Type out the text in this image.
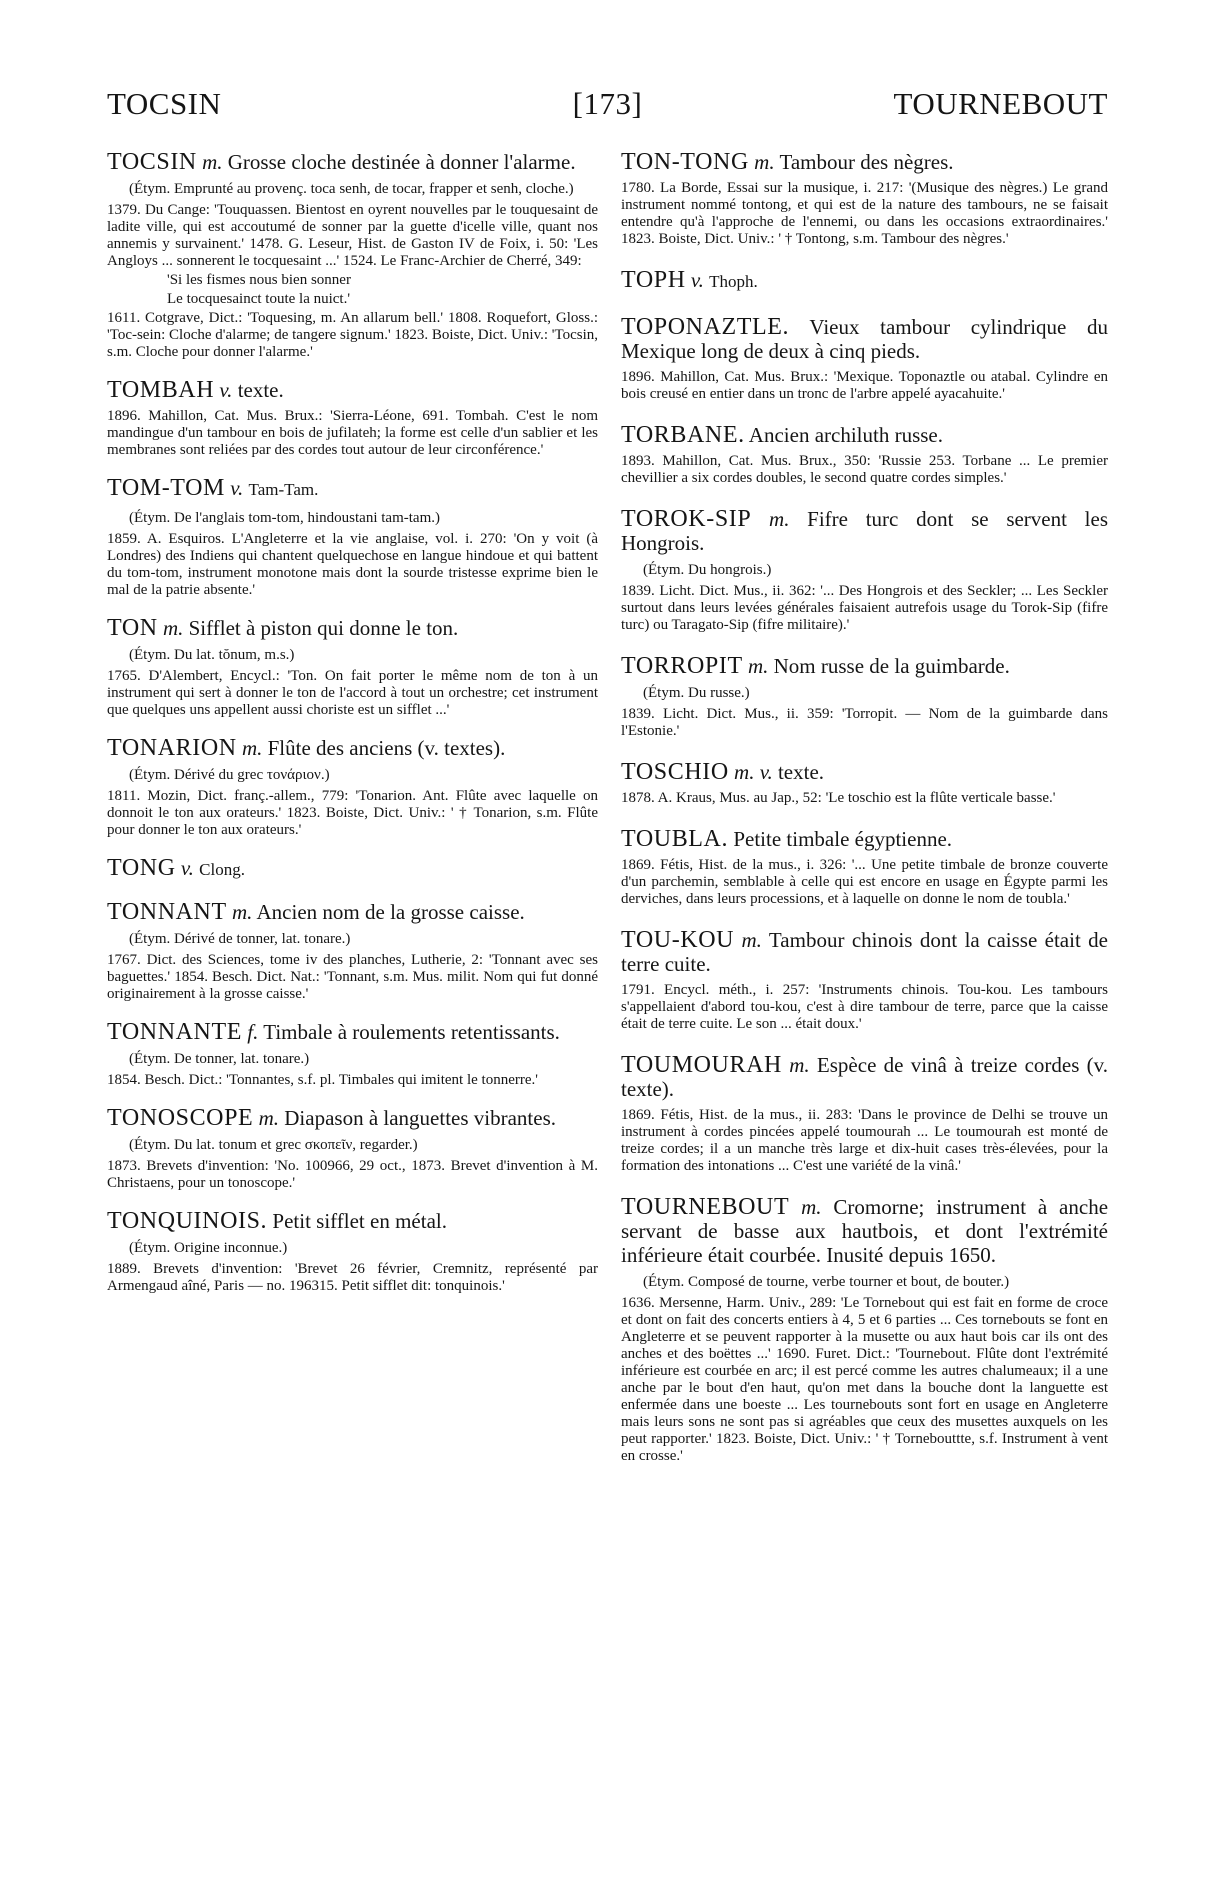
TOCSIN	[173]	TOURNEBOUT

TOCSIN m. Grosse cloche destinée à donner l'alarme.

(Étym. Emprunté au provenç. toca senh, de tocar, frapper et senh, cloche.)

1379. Du Cange: 'Touquassen. Bientost en oyrent nouvelles par le touquesaint de ladite ville, qui est accoutumé de sonner par la guette d'icelle ville, quant nos annemis y survainent.' 1478. G. Leseur, Hist. de Gaston IV de Foix, i. 50: 'Les Angloys ... sonnerent le tocquesaint ...' 1524. Le Franc-Archier de Cherré, 349:

'Si les fismes nous bien sonner

Le tocquesainct toute la nuict.'

1611. Cotgrave, Dict.: 'Toquesing, m. An allarum bell.' 1808. Roquefort, Gloss.: 'Toc-sein: Cloche d'alarme; de tangere signum.' 1823. Boiste, Dict. Univ.: 'Tocsin, s.m. Cloche pour donner l'alarme.'

TOMBAH v. texte.

1896. Mahillon, Cat. Mus. Brux.: 'Sierra-Léone, 691. Tombah. C'est le nom mandingue d'un tambour en bois de jufilateh; la forme est celle d'un sablier et les membranes sont reliées par des cordes tout autour de leur circonférence.'

TOM-TOM v. Tam-Tam.

(Étym. De l'anglais tom-tom, hindoustani tam-tam.)

1859. A. Esquiros. L'Angleterre et la vie anglaise, vol. i. 270: 'On y voit (à Londres) des Indiens qui chantent quelquechose en langue hindoue et qui battent du tom-tom, instrument monotone mais dont la sourde tristesse exprime bien le mal de la patrie absente.'

TON m. Sifflet à piston qui donne le ton.

(Étym. Du lat. tŏnum, m.s.)

1765. D'Alembert, Encycl.: 'Ton. On fait porter le même nom de ton à un instrument qui sert à donner le ton de l'accord à tout un orchestre; cet instrument que quelques uns appellent aussi choriste est un sifflet ...'

TONARION m. Flûte des anciens (v. textes).

(Étym. Dérivé du grec τονάριον.)

1811. Mozin, Dict. franç.-allem., 779: 'Tonarion. Ant. Flûte avec laquelle on donnoit le ton aux orateurs.' 1823. Boiste, Dict. Univ.: ' † Tonarion, s.m. Flûte pour donner le ton aux orateurs.'

TONG v. Clong.

TONNANT m. Ancien nom de la grosse caisse.

(Étym. Dérivé de tonner, lat. tonare.)

1767. Dict. des Sciences, tome iv des planches, Lutherie, 2: 'Tonnant avec ses baguettes.' 1854. Besch. Dict. Nat.: 'Tonnant, s.m. Mus. milit. Nom qui fut donné originairement à la grosse caisse.'

TONNANTE f. Timbale à roulements retentissants.

(Étym. De tonner, lat. tonare.)

1854. Besch. Dict.: 'Tonnantes, s.f. pl. Timbales qui imitent le tonnerre.'

TONOSCOPE m. Diapason à languettes vibrantes.

(Étym. Du lat. tonum et grec σκοπεῖν, regarder.)

1873. Brevets d'invention: 'No. 100966, 29 oct., 1873. Brevet d'invention à M. Christaens, pour un tonoscope.'

TONQUINOIS. Petit sifflet en métal.

(Étym. Origine inconnue.)

1889. Brevets d'invention: 'Brevet 26 février, Cremnitz, représenté par Armengaud aîné, Paris — no. 196315. Petit sifflet dit: tonquinois.'

TON-TONG m. Tambour des nègres.

1780. La Borde, Essai sur la musique, i. 217: '(Musique des nègres.) Le grand instrument nommé tontong, et qui est de la nature des tambours, ne se faisait entendre qu'à l'approche de l'ennemi, ou dans les occasions extraordinaires.' 1823. Boiste, Dict. Univ.: ' † Tontong, s.m. Tambour des nègres.'

TOPH v. Thoph.

TOPONAZTLE. Vieux tambour cylindrique du Mexique long de deux à cinq pieds.

1896. Mahillon, Cat. Mus. Brux.: 'Mexique. Toponaztle ou atabal. Cylindre en bois creusé en entier dans un tronc de l'arbre appelé ayacahuite.'

TORBANE. Ancien archiluth russe.

1893. Mahillon, Cat. Mus. Brux., 350: 'Russie 253. Torbane ... Le premier chevillier a six cordes doubles, le second quatre cordes simples.'

TOROK-SIP m. Fifre turc dont se servent les Hongrois.

(Étym. Du hongrois.)

1839. Licht. Dict. Mus., ii. 362: '... Des Hongrois et des Seckler; ... Les Seckler surtout dans leurs levées générales faisaient autrefois usage du Torok-Sip (fifre turc) ou Taragato-Sip (fifre militaire).'

TORROPIT m. Nom russe de la guimbarde.

(Étym. Du russe.)

1839. Licht. Dict. Mus., ii. 359: 'Torropit. — Nom de la guimbarde dans l'Estonie.'

TOSCHIO m. v. texte.

1878. A. Kraus, Mus. au Jap., 52: 'Le toschio est la flûte verticale basse.'

TOUBLA. Petite timbale égyptienne.

1869. Fétis, Hist. de la mus., i. 326: '... Une petite timbale de bronze couverte d'un parchemin, semblable à celle qui est encore en usage en Égypte parmi les derviches, dans leurs processions, et à laquelle on donne le nom de toubla.'

TOU-KOU m. Tambour chinois dont la caisse était de terre cuite.

1791. Encycl. méth., i. 257: 'Instruments chinois. Tou-kou. Les tambours s'appellaient d'abord tou-kou, c'est à dire tambour de terre, parce que la caisse était de terre cuite. Le son ... était doux.'

TOUMOURAH m. Espèce de vinâ à treize cordes (v. texte).

1869. Fétis, Hist. de la mus., ii. 283: 'Dans le province de Delhi se trouve un instrument à cordes pincées appelé toumourah ... Le toumourah est monté de treize cordes; il a un manche très large et dix-huit cases très-élevées, pour la formation des intonations ... C'est une variété de la vinâ.'

TOURNEBOUT m. Cromorne; instrument à anche servant de basse aux hautbois, et dont l'extrémité inférieure était courbée. Inusité depuis 1650.

(Étym. Composé de tourne, verbe tourner et bout, de bouter.)

1636. Mersenne, Harm. Univ., 289: 'Le Tornebout qui est fait en forme de croce et dont on fait des concerts entiers à 4, 5 et 6 parties ... Ces tornebouts se font en Angleterre et se peuvent rapporter à la musette ou aux haut bois car ils ont des anches et des boëttes ...' 1690. Furet. Dict.: 'Tournebout. Flûte dont l'extrémité inférieure est courbée en arc; il est percé comme les autres chalumeaux; il a une anche par le bout d'en haut, qu'on met dans la bouche dont la languette est enfermée dans une boeste ... Les tournebouts sont fort en usage en Angleterre mais leurs sons ne sont pas si agréables que ceux des musettes auxquels on les peut rapporter.' 1823. Boiste, Dict. Univ.: ' † Tornebouttte, s.f. Instrument à vent en crosse.'
